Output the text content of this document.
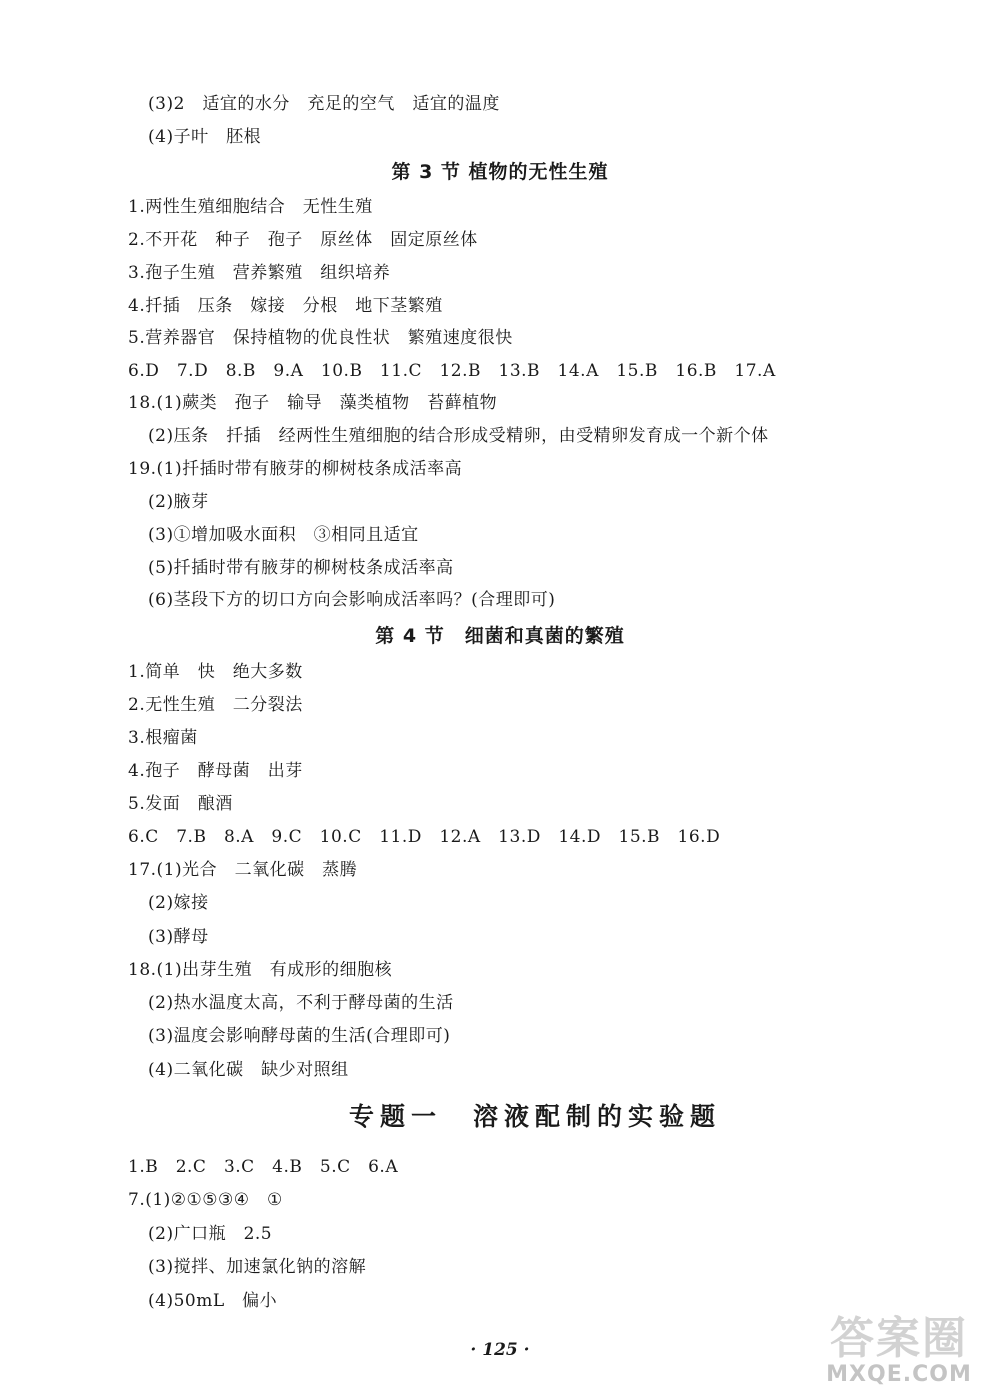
(3)2　适宜的水分　充足的空气　适宜的温度
(4)子叶　胚根
第 3 节 植物的无性生殖
1.两性生殖细胞结合　无性生殖
2.不开花　种子　孢子　原丝体　固定原丝体
3.孢子生殖　营养繁殖　组织培养
4.扦插　压条　嫁接　分根　地下茎繁殖
5.营养器官　保持植物的优良性状　繁殖速度很快
6.D　7.D　8.B　9.A　10.B　11.C　12.B　13.B　14.A　15.B　16.B　17.A
18.(1)蕨类　孢子　输导　藻类植物　苔藓植物
(2)压条　扦插　经两性生殖细胞的结合形成受精卵，由受精卵发育成一个新个体
19.(1)扦插时带有腋芽的柳树枝条成活率高
(2)腋芽
(3)①增加吸水面积　③相同且适宜
(5)扦插时带有腋芽的柳树枝条成活率高
(6)茎段下方的切口方向会影响成活率吗？(合理即可)
第 4 节　细菌和真菌的繁殖
1.简单　快　绝大多数
2.无性生殖　二分裂法
3.根瘤菌
4.孢子　酵母菌　出芽
5.发面　酿酒
6.C　7.B　8.A　9.C　10.C　11.D　12.A　13.D　14.D　15.B　16.D
17.(1)光合　二氧化碳　蒸腾
(2)嫁接
(3)酵母
18.(1)出芽生殖　有成形的细胞核
(2)热水温度太高，不利于酵母菌的生活
(3)温度会影响酵母菌的生活(合理即可)
(4)二氧化碳　缺少对照组
专题一　溶液配制的实验题
1.B　2.C　3.C　4.B　5.C　6.A
7.(1)②①⑤③④　①
(2)广口瓶　2.5
(3)搅拌、加速氯化钠的溶解
(4)50mL　偏小
· 125 ·	答案圈
MXQE.COM
